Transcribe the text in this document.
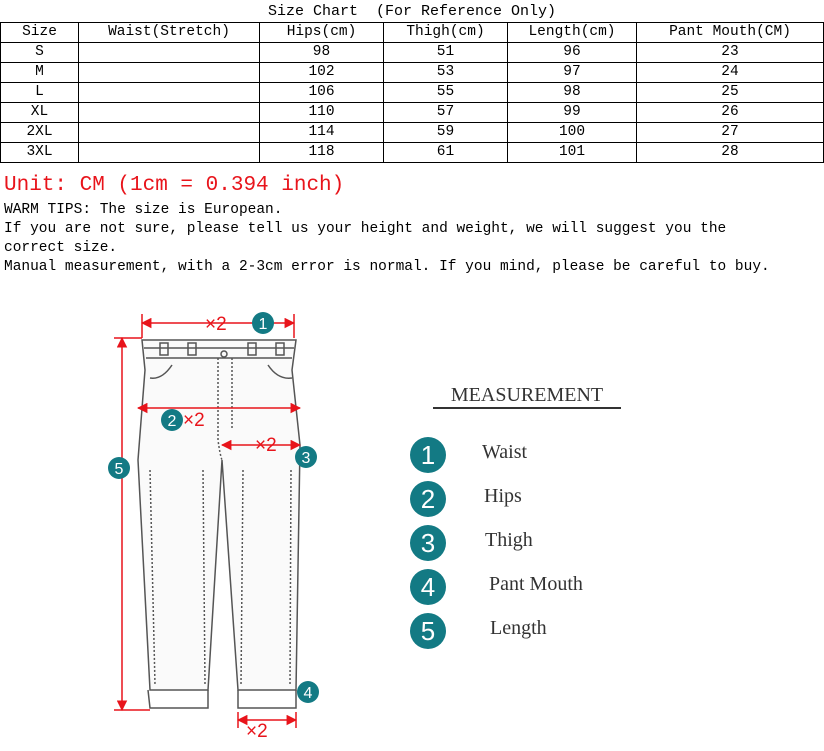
Size Chart  (For Reference Only)
Size	Waist(Stretch)	Hips(cm)	Thigh(cm)	Length(cm)	Pant Mouth(CM)
S		98	51	96	23
M		102	53	97	24
L		106	55	98	25
XL		110	57	99	26
2XL		114	59	100	27
3XL		118	61	101	28
Unit: CM (1cm = 0.394 inch)
WARM TIPS: The size is European.
If you are not sure, please tell us your height and weight, we will suggest you the
correct size.
Manual measurement, with a 2-3cm error is normal. If you mind, please be careful to buy.
×2 1
2 ×2
×2
3
5
4
×2
MEASUREMENT
1	Waist
2	Hips
3	Thigh
4	Pant Mouth
5	Length
